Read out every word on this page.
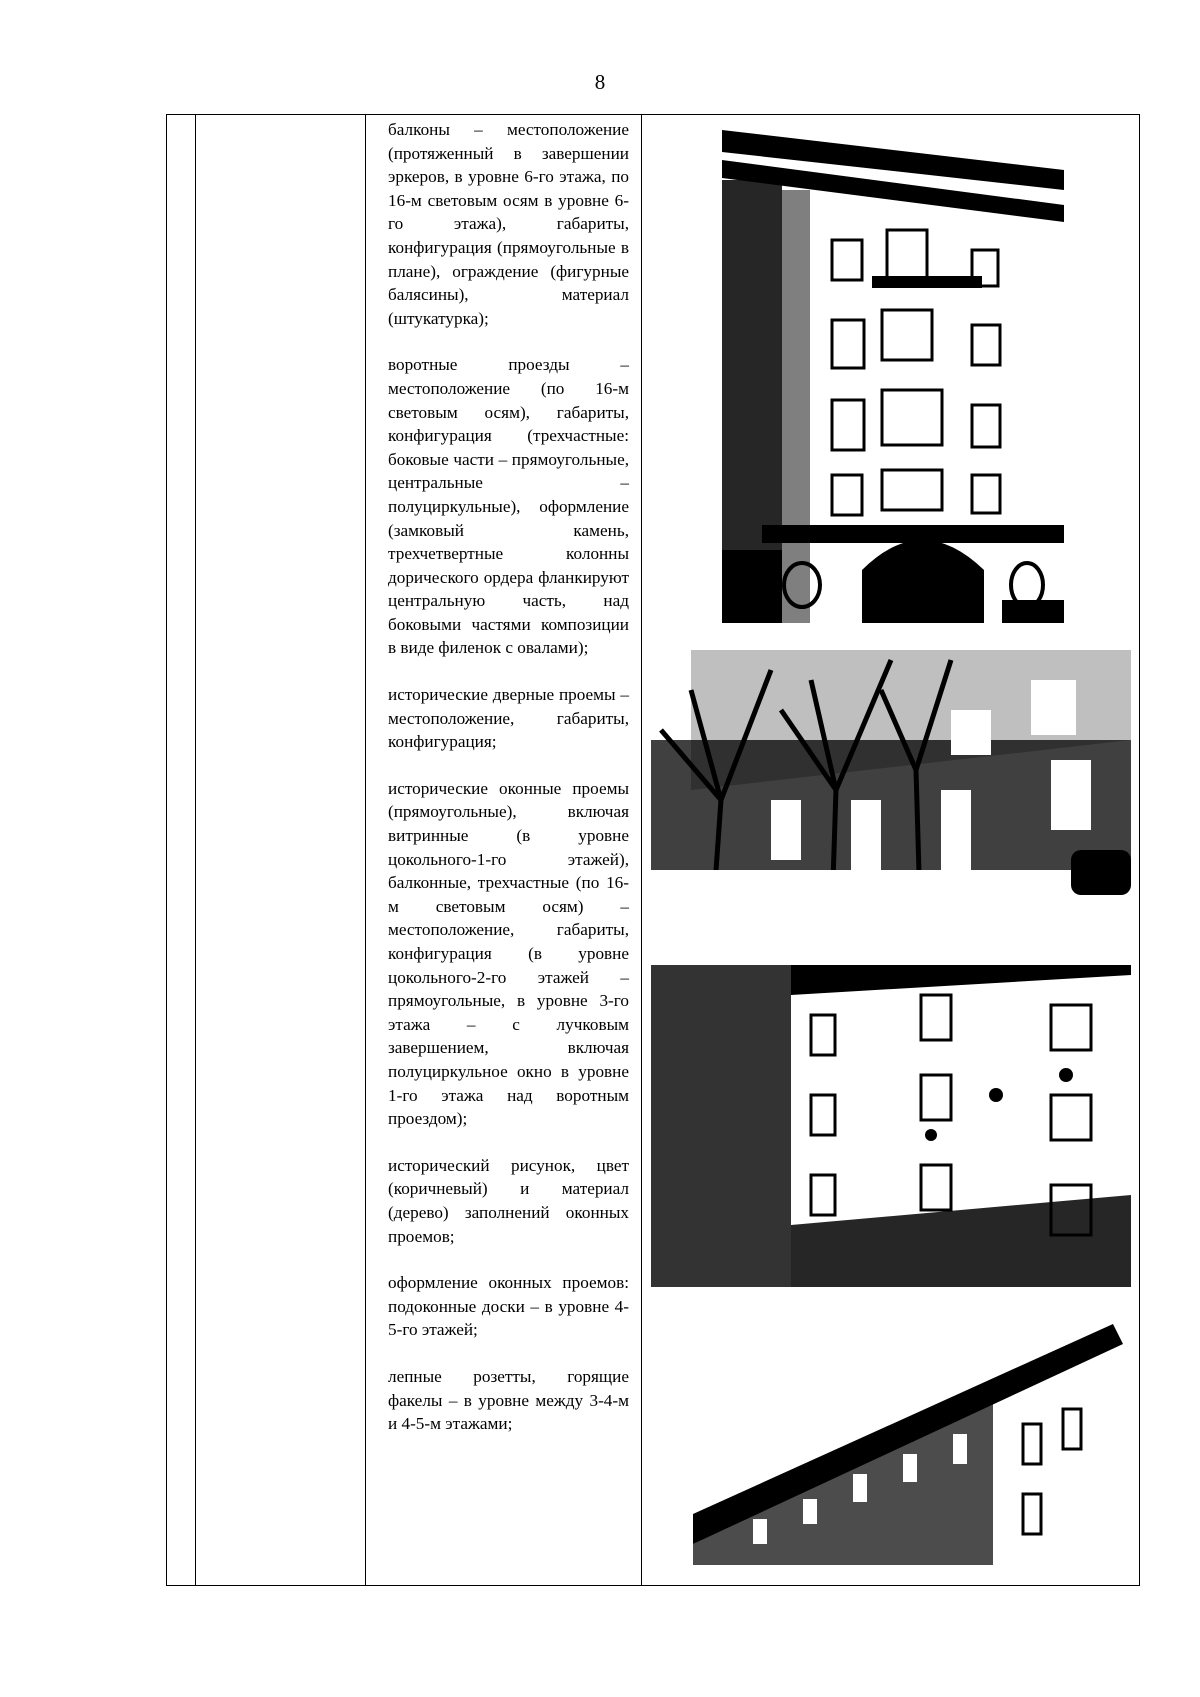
8

балконы – местоположение (протяженный в завершении эркеров, в уровне 6-го этажа, по 16-м световым осям в уровне 6-го этажа), габариты, конфигурация (прямоугольные в плане), ограждение (фигурные балясины), материал (штукатурка);

воротные проезды – местоположение (по 16-м световым осям), габариты, конфигурация (трехчастные: боковые части – прямоугольные, центральные – полуциркульные), оформление (замковый камень, трехчетвертные колонны дорического ордера фланкируют центральную часть, над боковыми частями композиции в виде филенок с овалами);

исторические дверные проемы – местоположение, габариты, конфигурация;

исторические оконные проемы (прямоугольные), включая витринные (в уровне цокольного-1-го этажей), балконные, трехчастные (по 16-м световым осям) – местоположение, габариты, конфигурация (в уровне цокольного-2-го этажей – прямоугольные, в уровне 3-го этажа – с лучковым завершением, включая полуциркульное окно в уровне 1-го этажа над воротным проездом);

исторический рисунок, цвет (коричневый) и материал (дерево) заполнений оконных проемов;

оформление оконных проемов: подоконные доски – в уровне 4-5-го этажей;

лепные розетты, горящие факелы – в уровне между 3-4-м и 4-5-м этажами;
